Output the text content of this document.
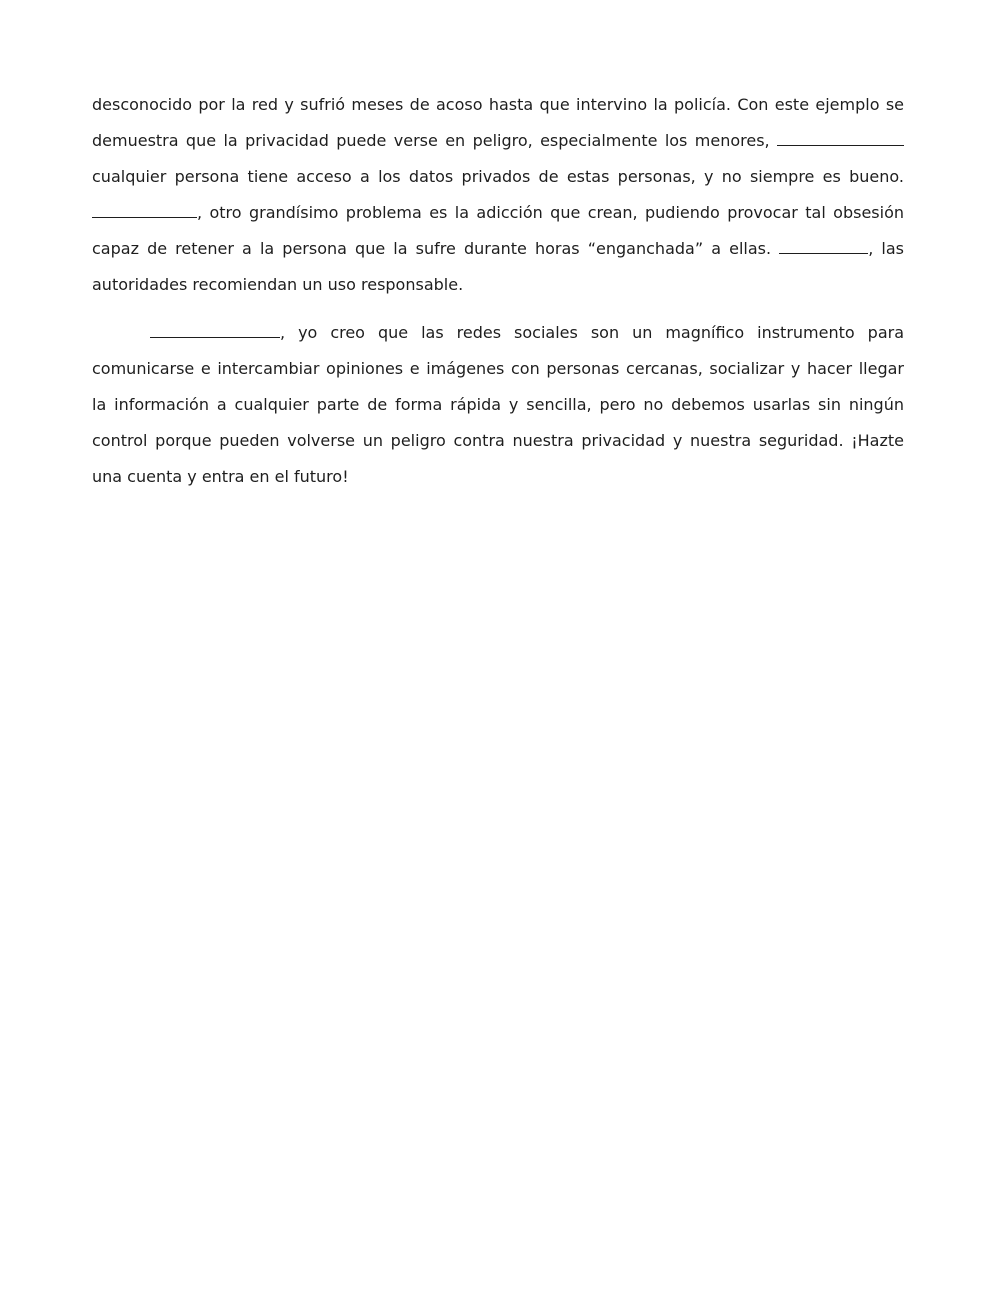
desconocido por la red y sufrió meses de acoso hasta que intervino la policía. Con este ejemplo se demuestra que la privacidad puede verse en peligro, especialmente los menores,  cualquier persona tiene acceso a los datos privados de estas personas, y no siempre es bueno. , otro grandísimo problema es la adicción que crean, pudiendo provocar tal obsesión capaz de retener a la persona que la sufre durante horas “enganchada” a ellas.	, las autoridades recomiendan un uso responsable.

, yo creo que las redes sociales son un magnífico instrumento para comunicarse e intercambiar opiniones e imágenes con personas cercanas, socializar y hacer llegar la información a cualquier parte de forma rápida y sencilla, pero no debemos usarlas sin ningún control porque pueden volverse un peligro contra nuestra privacidad y nuestra seguridad. ¡Hazte una cuenta y entra en el futuro!
